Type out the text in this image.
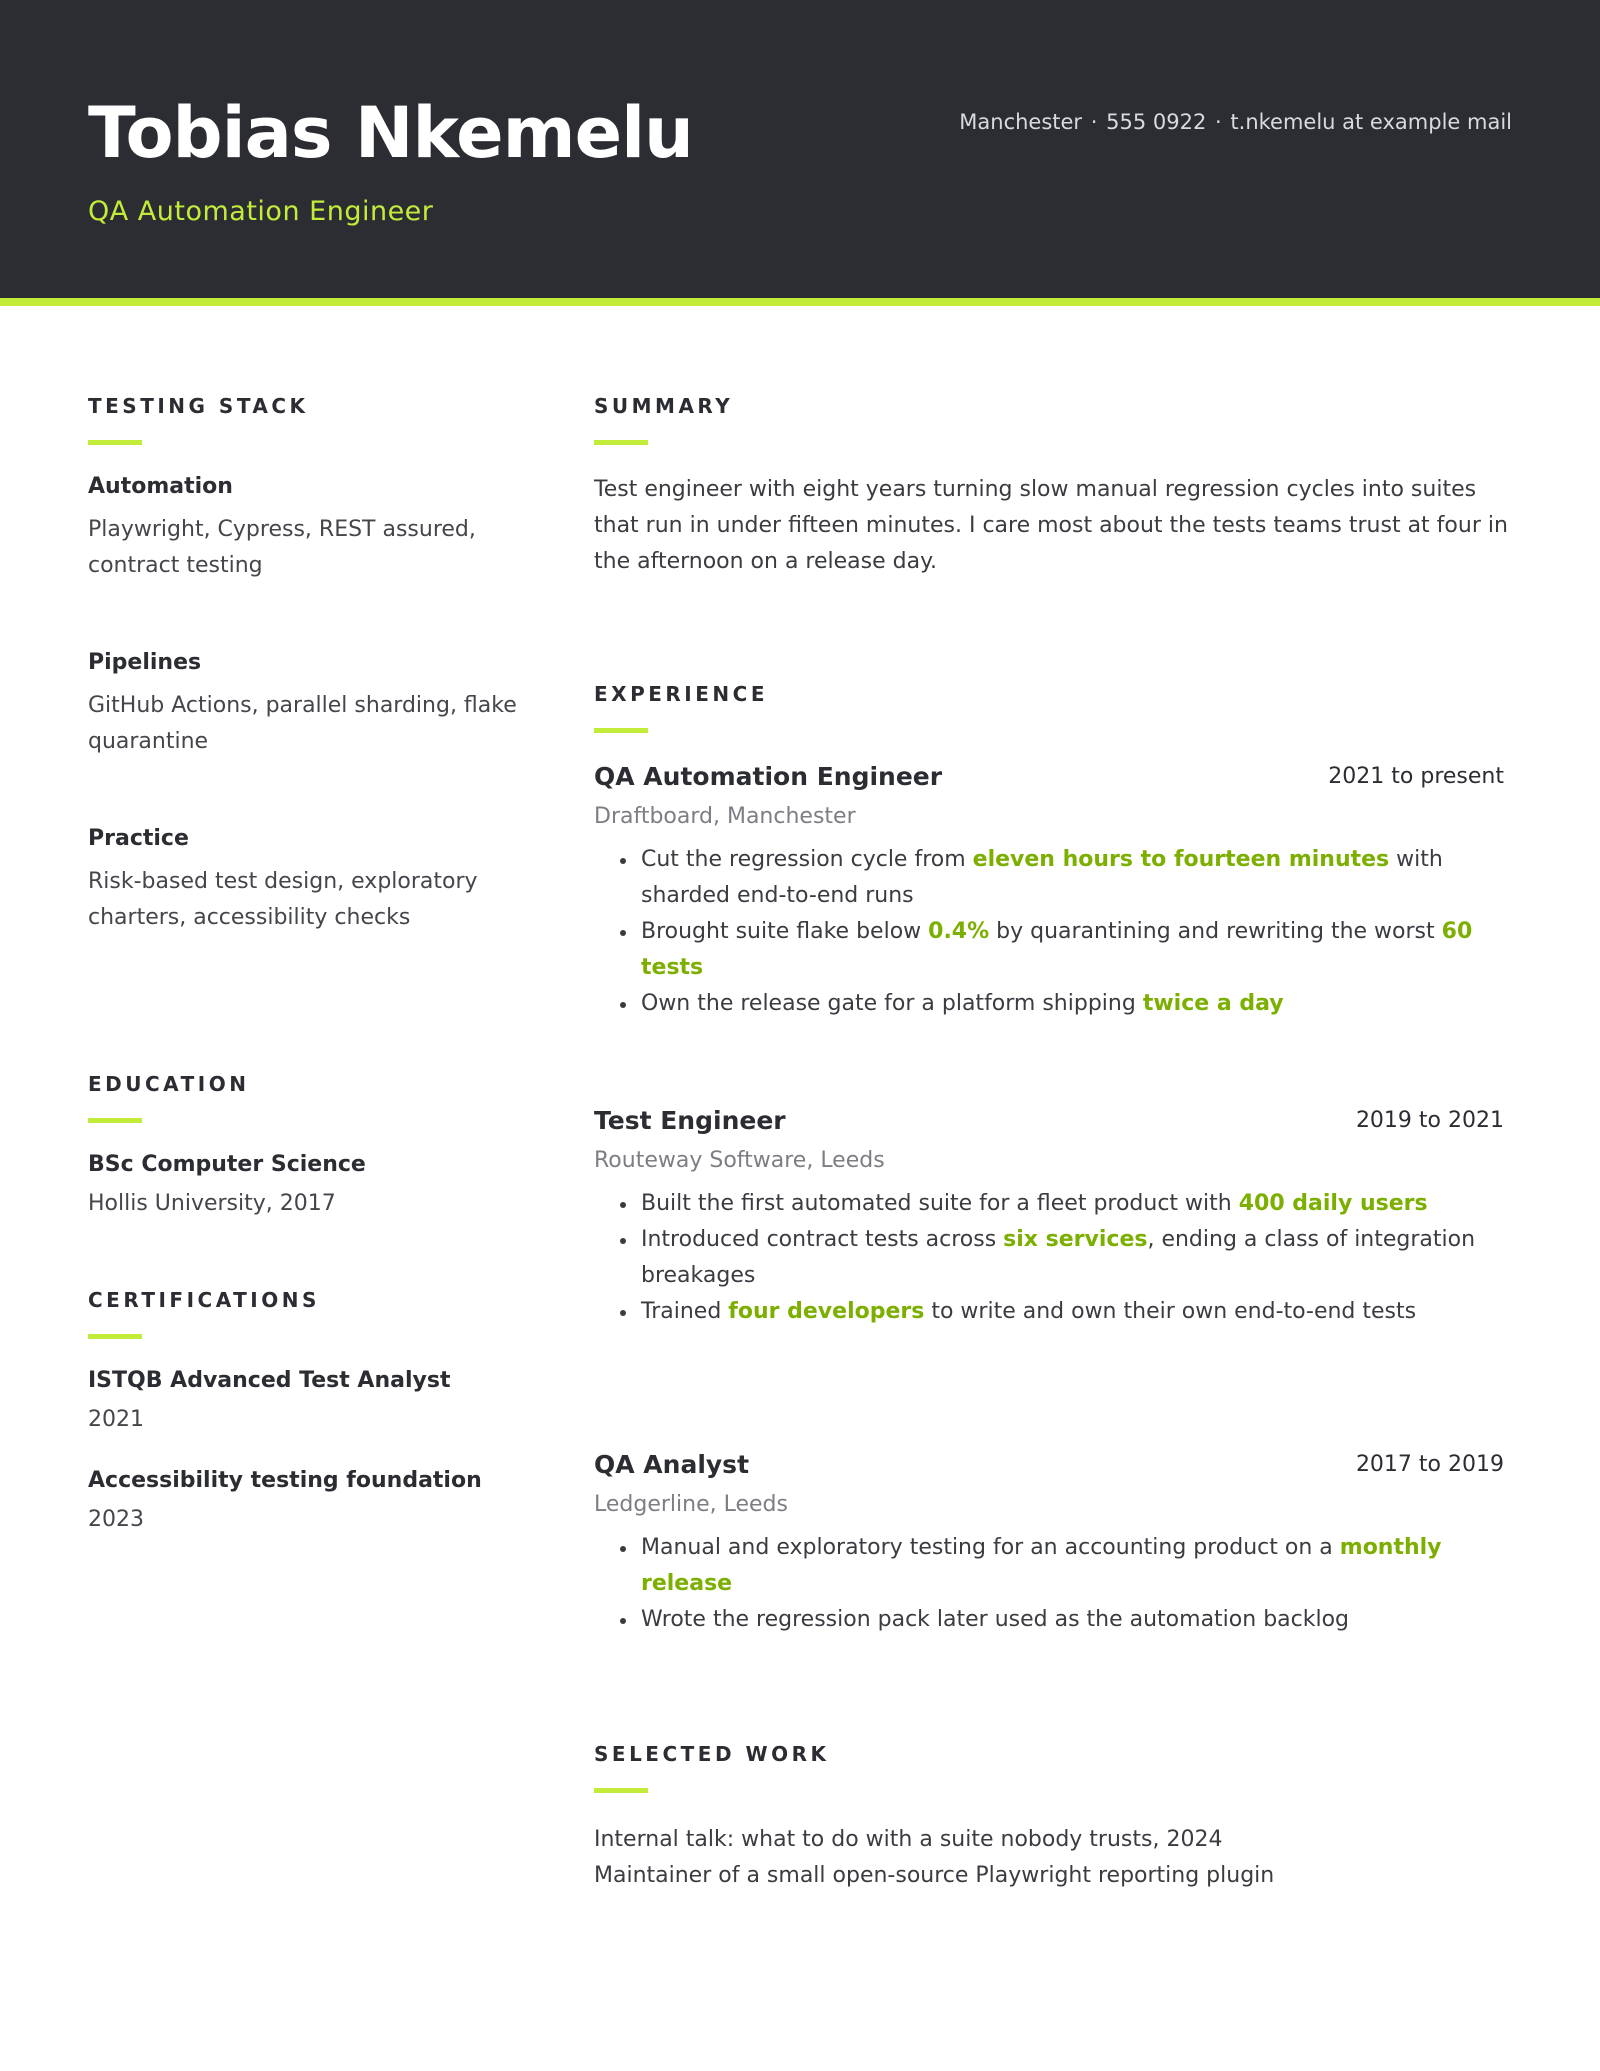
Tobias Nkemelu
QA Automation Engineer
Manchester · 555 0922 · t.nkemelu at example mail
TESTING STACK
Automation
Playwright, Cypress, REST assured, contract testing
Pipelines
GitHub Actions, parallel sharding, flake quarantine
Practice
Risk-based test design, exploratory charters, accessibility checks
EDUCATION
BSc Computer Science
Hollis University, 2017
CERTIFICATIONS
ISTQB Advanced Test Analyst
2021
Accessibility testing foundation
2023
SUMMARY
Test engineer with eight years turning slow manual regression cycles into suites that run in under fifteen minutes. I care most about the tests teams trust at four in the afternoon on a release day.
EXPERIENCE
QA Automation Engineer	2021 to present
Draftboard, Manchester
Cut the regression cycle from eleven hours to fourteen minutes with sharded end-to-end runs
Brought suite flake below 0.4% by quarantining and rewriting the worst 60 tests
Own the release gate for a platform shipping twice a day
Test Engineer	2019 to 2021
Routeway Software, Leeds
Built the first automated suite for a fleet product with 400 daily users
Introduced contract tests across six services, ending a class of integration breakages
Trained four developers to write and own their own end-to-end tests
QA Analyst	2017 to 2019
Ledgerline, Leeds
Manual and exploratory testing for an accounting product on a monthly release
Wrote the regression pack later used as the automation backlog
SELECTED WORK
Internal talk: what to do with a suite nobody trusts, 2024
Maintainer of a small open-source Playwright reporting plugin
